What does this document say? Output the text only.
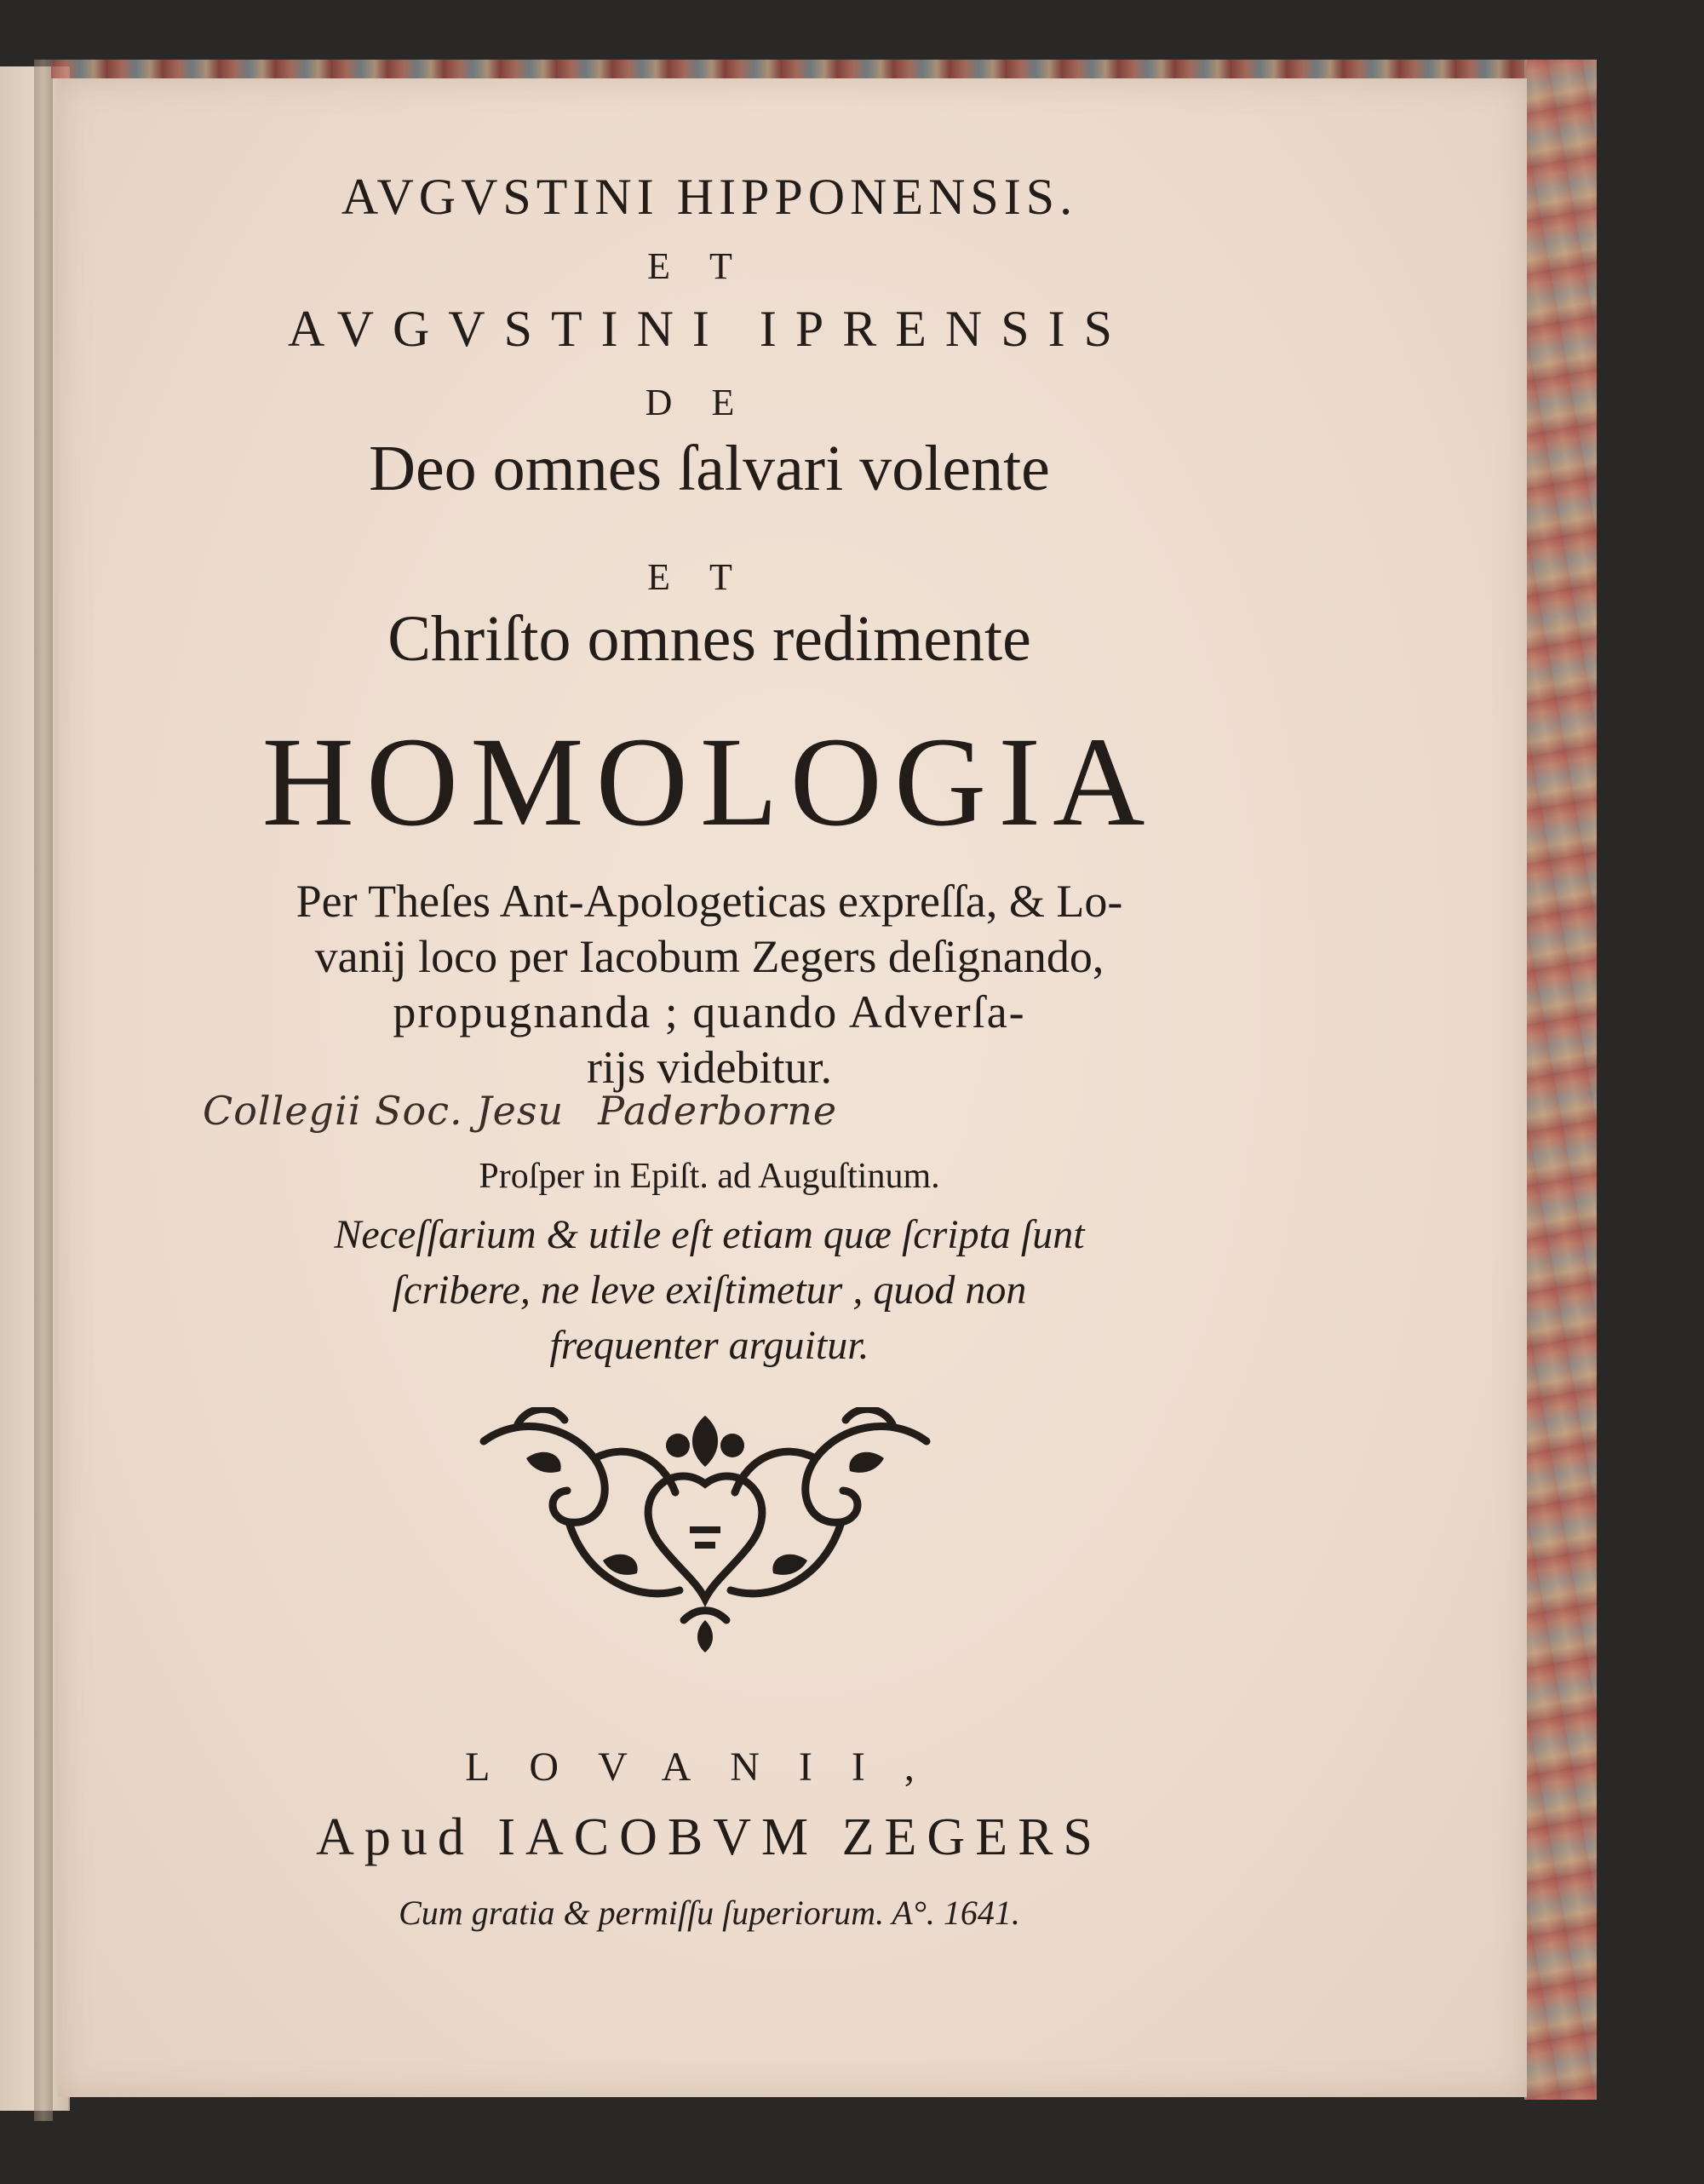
AVGVSTINI HIPPONENSIS.
ET
AVGVSTINI IPRENSIS
DE
Deo omnes ſalvari volente
ET
Chriſto omnes redimente
HOMOLOGIA
Per Theſes Ant-Apologeticas expreſſa, & Lo-
vanij loco per Iacobum Zegers deſignando,
propugnanda ; quando Adverſa-
rijs videbitur.
Collegii Soc. Jesu Paderborne
Proſper in Epiſt. ad Auguſtinum.
Neceſſarium & utile eſt etiam quæ ſcripta ſunt
ſcribere, ne leve exiſtimetur , quod non
frequenter arguitur.
LOVANII,
Apud IACOBVM ZEGERS
Cum gratia & permiſſu ſuperiorum. A°. 1641.
